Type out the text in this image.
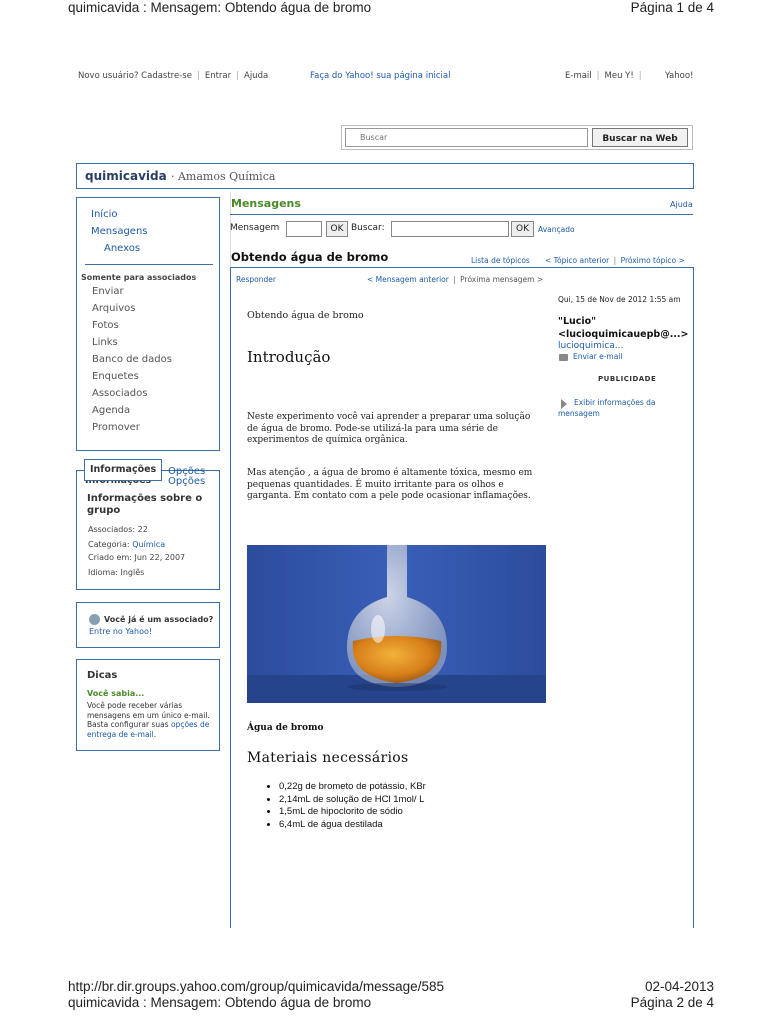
quimicavida : Mensagem: Obtendo água de bromo	Página 1 de 4
Novo usuário? Cadastre-se | Entrar | Ajuda	Faça do Yahoo! sua página inicial	E-mail | Meu Y! |	Yahoo!
Buscar
Buscar na Web
quimicavida · Amamos Química
Início
Mensagens
Anexos
Somente para associados
Enviar
Arquivos
Fotos
Links
Banco de dados
Enquetes
Associados
Agenda
Promover
Opções
Informações sobre o grupo
Associados: 22
Categoria: Química
Criado em: Jun 22, 2007
Idioma: Inglês
Informações Opções
Você já é um associado?
Entre no Yahoo!
Dicas
Você sabia...
Você pode receber várias mensagens em um único e-mail. Basta configurar suas opções de entrega de e-mail.
Mensagens	Ajuda
Mensagem	OK Buscar:	OK	Avançado
Obtendo água de bromo	Lista de tópicos < Tópico anterior | Próximo tópico >
Responder	< Mensagem anterior | Próxima mensagem >
Qui, 15 de Nov de 2012 1:55 am
"Lucio"
<lucioquimicauepb@...>
lucioquimica...
Enviar e-mail
PUBLICIDADE
Exibir informações da mensagem
Obtendo água de bromo
Introdução
Neste experimento você vai aprender a preparar uma solução de água de bromo. Pode-se utilizá-la para uma série de experimentos de química orgânica.
Mas atenção , a água de bromo é altamente tóxica, mesmo em pequenas quantidades. É muito irritante para os olhos e garganta. Em contato com a pele pode ocasionar inflamações.
Água de bromo
Materiais necessários
• 0,22g de brometo de potássio, KBr
• 2,14mL de solução de HCl 1mol/ L
• 1,5mL de hipoclorito de sódio
• 6,4mL de água destilada
http://br.dir.groups.yahoo.com/group/quimicavida/message/585	02-04-2013
quimicavida : Mensagem: Obtendo água de bromo	Página 2 de 4
